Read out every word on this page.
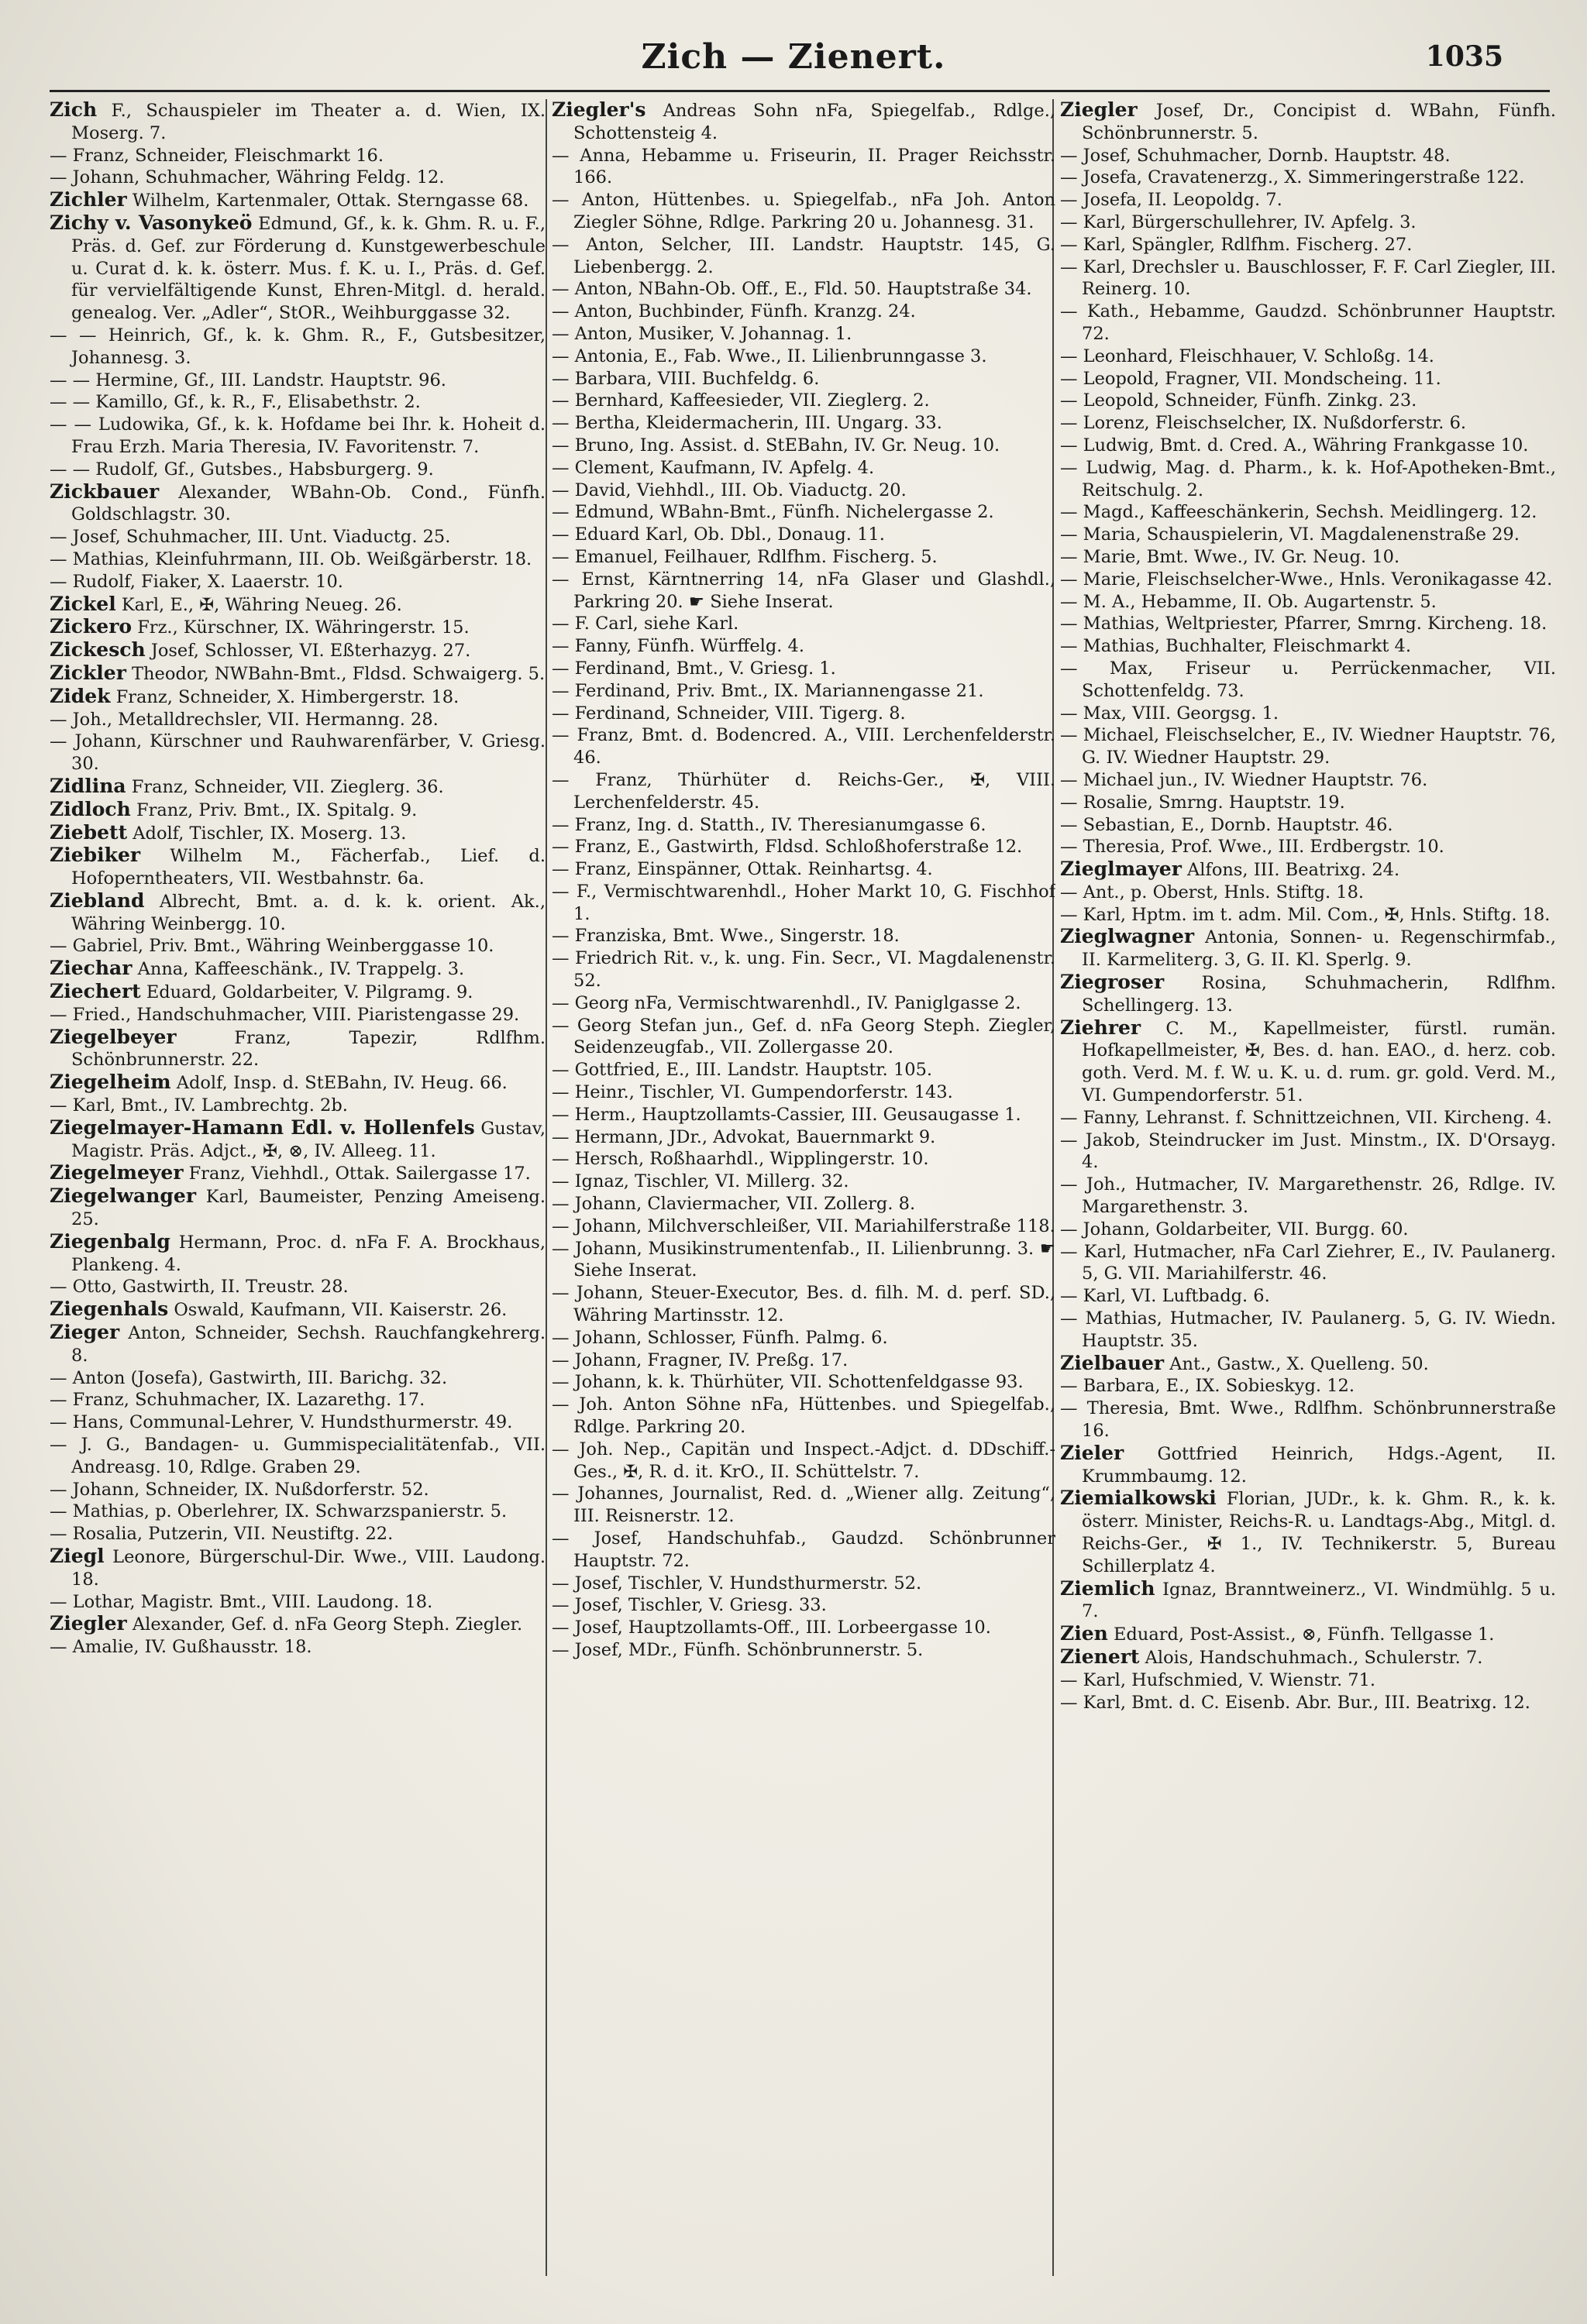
Zich — Zienert.	1035

Zich F., Schauspieler im Theater a. d. Wien, IX. Moserg. 7.

— Franz, Schneider, Fleischmarkt 16.

— Johann, Schuhmacher, Währing Feldg. 12.

Zichler Wilhelm, Kartenmaler, Ottak. Sterngasse 68.

Zichy v. Vasonykeö Edmund, Gf., k. k. Ghm. R. u. F., Präs. d. Gef. zur Förderung d. Kunstgewerbeschule u. Curat d. k. k. österr. Mus. f. K. u. I., Präs. d. Gef. für vervielfältigende Kunst, Ehren-Mitgl. d. herald. genealog. Ver. „Adler“, StOR., Weihburggasse 32.

— — Heinrich, Gf., k. k. Ghm. R., F., Gutsbesitzer, Johannesg. 3.

— — Hermine, Gf., III. Landstr. Hauptstr. 96.

— — Kamillo, Gf., k. R., F., Elisabethstr. 2.

— — Ludowika, Gf., k. k. Hofdame bei Ihr. k. Hoheit d. Frau Erzh. Maria Theresia, IV. Favoritenstr. 7.

— — Rudolf, Gf., Gutsbes., Habsburgerg. 9.

Zickbauer Alexander, WBahn-Ob. Cond., Fünfh. Goldschlagstr. 30.

— Josef, Schuhmacher, III. Unt. Viaductg. 25.

— Mathias, Kleinfuhrmann, III. Ob. Weißgärberstr. 18.

— Rudolf, Fiaker, X. Laaerstr. 10.

Zickel Karl, E., ✠, Währing Neueg. 26.

Zickero Frz., Kürschner, IX. Währingerstr. 15.

Zickesch Josef, Schlosser, VI. Eßterhazyg. 27.

Zickler Theodor, NWBahn-Bmt., Fldsd. Schwaigerg. 5.

Zidek Franz, Schneider, X. Himbergerstr. 18.

— Joh., Metalldrechsler, VII. Hermanng. 28.

— Johann, Kürschner und Rauhwarenfärber, V. Griesg. 30.

Zidlina Franz, Schneider, VII. Zieglerg. 36.

Zidloch Franz, Priv. Bmt., IX. Spitalg. 9.

Ziebett Adolf, Tischler, IX. Moserg. 13.

Ziebiker Wilhelm M., Fächerfab., Lief. d. Hofoperntheaters, VII. Westbahnstr. 6a.

Ziebland Albrecht, Bmt. a. d. k. k. orient. Ak., Währing Weinbergg. 10.

— Gabriel, Priv. Bmt., Währing Weinberggasse 10.

Ziechar Anna, Kaffeeschänk., IV. Trappelg. 3.

Ziechert Eduard, Goldarbeiter, V. Pilgramg. 9.

— Fried., Handschuhmacher, VIII. Piaristengasse 29.

Ziegelbeyer Franz, Tapezir, Rdlfhm. Schönbrunnerstr. 22.

Ziegelheim Adolf, Insp. d. StEBahn, IV. Heug. 66.

— Karl, Bmt., IV. Lambrechtg. 2b.

Ziegelmayer-Hamann Edl. v. Hollenfels Gustav, Magistr. Präs. Adjct., ✠, ⊗, IV. Alleeg. 11.

Ziegelmeyer Franz, Viehhdl., Ottak. Sailergasse 17.

Ziegelwanger Karl, Baumeister, Penzing Ameiseng. 25.

Ziegenbalg Hermann, Proc. d. nFa F. A. Brockhaus, Plankeng. 4.

— Otto, Gastwirth, II. Treustr. 28.

Ziegenhals Oswald, Kaufmann, VII. Kaiserstr. 26.

Zieger Anton, Schneider, Sechsh. Rauchfangkehrerg. 8.

— Anton (Josefa), Gastwirth, III. Barichg. 32.

— Franz, Schuhmacher, IX. Lazarethg. 17.

— Hans, Communal-Lehrer, V. Hundsthurmerstr. 49.

— J. G., Bandagen- u. Gummispecialitätenfab., VII. Andreasg. 10, Rdlge. Graben 29.

— Johann, Schneider, IX. Nußdorferstr. 52.

— Mathias, p. Oberlehrer, IX. Schwarzspanierstr. 5.

— Rosalia, Putzerin, VII. Neustiftg. 22.

Ziegl Leonore, Bürgerschul-Dir. Wwe., VIII. Laudong. 18.

— Lothar, Magistr. Bmt., VIII. Laudong. 18.

Ziegler Alexander, Gef. d. nFa Georg Steph. Ziegler.

— Amalie, IV. Gußhausstr. 18.

Ziegler's Andreas Sohn nFa, Spiegelfab., Rdlge., Schottensteig 4.

— Anna, Hebamme u. Friseurin, II. Prager Reichsstr. 166.

— Anton, Hüttenbes. u. Spiegelfab., nFa Joh. Anton Ziegler Söhne, Rdlge. Parkring 20 u. Johannesg. 31.

— Anton, Selcher, III. Landstr. Hauptstr. 145, G. Liebenbergg. 2.

— Anton, NBahn-Ob. Off., E., Fld. 50. Hauptstraße 34.

— Anton, Buchbinder, Fünfh. Kranzg. 24.

— Anton, Musiker, V. Johannag. 1.

— Antonia, E., Fab. Wwe., II. Lilienbrunngasse 3.

— Barbara, VIII. Buchfeldg. 6.

— Bernhard, Kaffeesieder, VII. Zieglerg. 2.

— Bertha, Kleidermacherin, III. Ungarg. 33.

— Bruno, Ing. Assist. d. StEBahn, IV. Gr. Neug. 10.

— Clement, Kaufmann, IV. Apfelg. 4.

— David, Viehhdl., III. Ob. Viaductg. 20.

— Edmund, WBahn-Bmt., Fünfh. Nichelergasse 2.

— Eduard Karl, Ob. Dbl., Donaug. 11.

— Emanuel, Feilhauer, Rdlfhm. Fischerg. 5.

— Ernst, Kärntnerring 14, nFa Glaser und Glashdl., Parkring 20. ☛ Siehe Inserat.

— F. Carl, siehe Karl.

— Fanny, Fünfh. Würffelg. 4.

— Ferdinand, Bmt., V. Griesg. 1.

— Ferdinand, Priv. Bmt., IX. Mariannengasse 21.

— Ferdinand, Schneider, VIII. Tigerg. 8.

— Franz, Bmt. d. Bodencred. A., VIII. Lerchenfelderstr. 46.

— Franz, Thürhüter d. Reichs-Ger., ✠, VIII. Lerchenfelderstr. 45.

— Franz, Ing. d. Statth., IV. Theresianumgasse 6.

— Franz, E., Gastwirth, Fldsd. Schloßhoferstraße 12.

— Franz, Einspänner, Ottak. Reinhartsg. 4.

— F., Vermischtwarenhdl., Hoher Markt 10, G. Fischhof 1.

— Franziska, Bmt. Wwe., Singerstr. 18.

— Friedrich Rit. v., k. ung. Fin. Secr., VI. Magdalenenstr. 52.

— Georg nFa, Vermischtwarenhdl., IV. Paniglgasse 2.

— Georg Stefan jun., Gef. d. nFa Georg Steph. Ziegler, Seidenzeugfab., VII. Zollergasse 20.

— Gottfried, E., III. Landstr. Hauptstr. 105.

— Heinr., Tischler, VI. Gumpendorferstr. 143.

— Herm., Hauptzollamts-Cassier, III. Geusaugasse 1.

— Hermann, JDr., Advokat, Bauernmarkt 9.

— Hersch, Roßhaarhdl., Wipplingerstr. 10.

— Ignaz, Tischler, VI. Millerg. 32.

— Johann, Claviermacher, VII. Zollerg. 8.

— Johann, Milchverschleißer, VII. Mariahilferstraße 118.

— Johann, Musikinstrumentenfab., II. Lilienbrunng. 3. ☛ Siehe Inserat.

— Johann, Steuer-Executor, Bes. d. filh. M. d. perf. SD., Währing Martinsstr. 12.

— Johann, Schlosser, Fünfh. Palmg. 6.

— Johann, Fragner, IV. Preßg. 17.

— Johann, k. k. Thürhüter, VII. Schottenfeldgasse 93.

— Joh. Anton Söhne nFa, Hüttenbes. und Spiegelfab., Rdlge. Parkring 20.

— Joh. Nep., Capitän und Inspect.-Adjct. d. DDschiff.-Ges., ✠, R. d. it. KrO., II. Schüttelstr. 7.

— Johannes, Journalist, Red. d. „Wiener allg. Zeitung“, III. Reisnerstr. 12.

— Josef, Handschuhfab., Gaudzd. Schönbrunner Hauptstr. 72.

— Josef, Tischler, V. Hundsthurmerstr. 52.

— Josef, Tischler, V. Griesg. 33.

— Josef, Hauptzollamts-Off., III. Lorbeergasse 10.

— Josef, MDr., Fünfh. Schönbrunnerstr. 5.

Ziegler Josef, Dr., Concipist d. WBahn, Fünfh. Schönbrunnerstr. 5.

— Josef, Schuhmacher, Dornb. Hauptstr. 48.

— Josefa, Cravatenerzg., X. Simmeringerstraße 122.

— Josefa, II. Leopoldg. 7.

— Karl, Bürgerschullehrer, IV. Apfelg. 3.

— Karl, Spängler, Rdlfhm. Fischerg. 27.

— Karl, Drechsler u. Bauschlosser, F. F. Carl Ziegler, III. Reinerg. 10.

— Kath., Hebamme, Gaudzd. Schönbrunner Hauptstr. 72.

— Leonhard, Fleischhauer, V. Schloßg. 14.

— Leopold, Fragner, VII. Mondscheing. 11.

— Leopold, Schneider, Fünfh. Zinkg. 23.

— Lorenz, Fleischselcher, IX. Nußdorferstr. 6.

— Ludwig, Bmt. d. Cred. A., Währing Frankgasse 10.

— Ludwig, Mag. d. Pharm., k. k. Hof-Apotheken-Bmt., Reitschulg. 2.

— Magd., Kaffeeschänkerin, Sechsh. Meidlingerg. 12.

— Maria, Schauspielerin, VI. Magdalenenstraße 29.

— Marie, Bmt. Wwe., IV. Gr. Neug. 10.

— Marie, Fleischselcher-Wwe., Hnls. Veronikagasse 42.

— M. A., Hebamme, II. Ob. Augartenstr. 5.

— Mathias, Weltpriester, Pfarrer, Smrng. Kircheng. 18.

— Mathias, Buchhalter, Fleischmarkt 4.

— Max, Friseur u. Perrückenmacher, VII. Schottenfeldg. 73.

— Max, VIII. Georgsg. 1.

— Michael, Fleischselcher, E., IV. Wiedner Hauptstr. 76, G. IV. Wiedner Hauptstr. 29.

— Michael jun., IV. Wiedner Hauptstr. 76.

— Rosalie, Smrng. Hauptstr. 19.

— Sebastian, E., Dornb. Hauptstr. 46.

— Theresia, Prof. Wwe., III. Erdbergstr. 10.

Zieglmayer Alfons, III. Beatrixg. 24.

— Ant., p. Oberst, Hnls. Stiftg. 18.

— Karl, Hptm. im t. adm. Mil. Com., ✠, Hnls. Stiftg. 18.

Zieglwagner Antonia, Sonnen- u. Regenschirmfab., II. Karmeliterg. 3, G. II. Kl. Sperlg. 9.

Ziegroser Rosina, Schuhmacherin, Rdlfhm. Schellingerg. 13.

Ziehrer C. M., Kapellmeister, fürstl. rumän. Hofkapellmeister, ✠, Bes. d. han. EAO., d. herz. cob. goth. Verd. M. f. W. u. K. u. d. rum. gr. gold. Verd. M., VI. Gumpendorferstr. 51.

— Fanny, Lehranst. f. Schnittzeichnen, VII. Kircheng. 4.

— Jakob, Steindrucker im Just. Minstm., IX. D'Orsayg. 4.

— Joh., Hutmacher, IV. Margarethenstr. 26, Rdlge. IV. Margarethenstr. 3.

— Johann, Goldarbeiter, VII. Burgg. 60.

— Karl, Hutmacher, nFa Carl Ziehrer, E., IV. Paulanerg. 5, G. VII. Mariahilferstr. 46.

— Karl, VI. Luftbadg. 6.

— Mathias, Hutmacher, IV. Paulanerg. 5, G. IV. Wiedn. Hauptstr. 35.

Zielbauer Ant., Gastw., X. Quelleng. 50.

— Barbara, E., IX. Sobieskyg. 12.

— Theresia, Bmt. Wwe., Rdlfhm. Schönbrunnerstraße 16.

Zieler Gottfried Heinrich, Hdgs.-Agent, II. Krummbaumg. 12.

Ziemialkowski Florian, JUDr., k. k. Ghm. R., k. k. österr. Minister, Reichs-R. u. Landtags-Abg., Mitgl. d. Reichs-Ger., ✠ 1., IV. Technikerstr. 5, Bureau Schillerplatz 4.

Ziemlich Ignaz, Branntweinerz., VI. Windmühlg. 5 u. 7.

Zien Eduard, Post-Assist., ⊗, Fünfh. Tellgasse 1.

Zienert Alois, Handschuhmach., Schulerstr. 7.

— Karl, Hufschmied, V. Wienstr. 71.

— Karl, Bmt. d. C. Eisenb. Abr. Bur., III. Beatrixg. 12.
